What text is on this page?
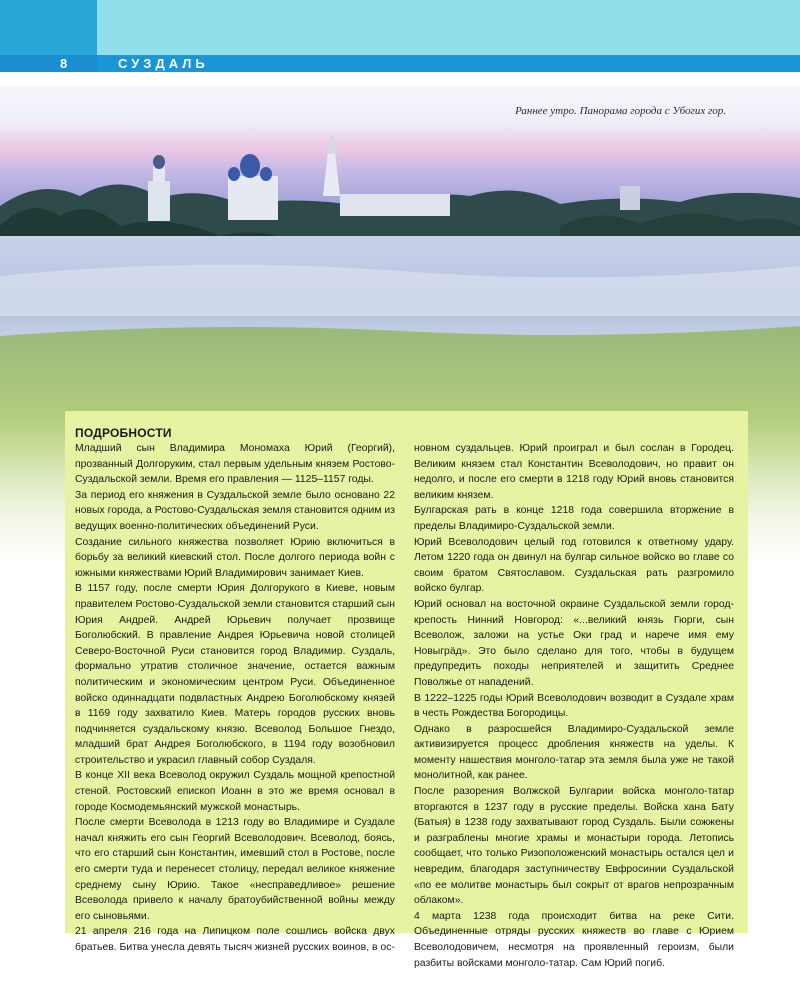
8	СУЗДАЛЬ
Раннее утро. Панорама города с Убогих гор.
ПОДРОБНОСТИ

Младший сын Владимира Мономаха Юрий (Георгий), прозванный Долгоруким, стал первым удельным князем Ростово-Суздальской земли. Время его правления — 1125–1157 годы.

За период его княжения в Суздальской земле было основано 22 новых города, а Ростово-Суздальская земля становится одним из ведущих военно-политических объединений Руси.

Создание сильного княжества позволяет Юрию включиться в борьбу за великий киевский стол. После долгого периода войн с южными княжествами Юрий Владимирович занимает Киев.

В 1157 году, после смерти Юрия Долгорукого в Киеве, новым правителем Ростово-Суздальской земли становится старший сын Юрия Андрей. Андрей Юрьевич получает прозвище Боголюбский. В правление Андрея Юрьевича новой столицей Северо-Восточной Руси становится город Владимир. Суздаль, формально утратив столичное значение, остается важным политическим и экономическим центром Руси. Объединенное войско одиннадцати подвластных Андрею Боголюбскому князей в 1169 году захватило Киев. Матерь городов русских вновь подчиняется суздальскому князю. Всеволод Большое Гнездо, младший брат Андрея Боголюбского, в 1194 году возобновил строительство и украсил главный собор Суздаля.

В конце XII века Всеволод окружил Суздаль мощной крепостной стеной. Ростовский епископ Иоанн в это же время основал в городе Космодемьянский мужской монастырь.

После смерти Всеволода в 1213 году во Владимире и Суздале начал княжить его сын Георгий Всеволодович. Всеволод, боясь, что его старший сын Константин, имевший стол в Ростове, после его смерти туда и перенесет столицу, передал великое княжение среднему сыну Юрию. Такое «несправедливое» решение Всеволода привело к началу братоубийственной войны между его сыновьями.

21 апреля 216 года на Липицком поле сошлись войска двух братьев. Битва унесла девять тысяч жизней русских воинов, в ос-

новном суздальцев. Юрий проиграл и был сослан в Городец. Великим князем стал Константин Всеволодович, но правит он недолго, и после его смерти в 1218 году Юрий вновь становится великим князем.

Булгарская рать в конце 1218 года совершила вторжение в пределы Владимиро-Суздальской земли.

Юрий Всеволодович целый год готовился к ответному удару. Летом 1220 года он двинул на булгар сильное войско во главе со своим братом Святославом. Суздальская рать разгромило войско булгар.

Юрий основал на восточной окраине Суздальской земли город-крепость Нинний Новгород: «...великий князь Гюрги, сын Всеволож, заложи на устье Оки град и нарече имя ему Новыгрäд». Это было сделано для того, чтобы в будущем предупредить походы неприятелей и защитить Среднее Поволжье от нападений.

В 1222–1225 годы Юрий Всеволодович возводит в Суздале храм в честь Рождества Богородицы.

Однако в разросшейся Владимиро-Суздальской земле активизируется процесс дробления княжеств на уделы. К моменту нашествия монголо-татар эта земля была уже не такой монолитной, как ранее.

После разорения Волжской Булгарии войска монголо-татар вторгаются в 1237 году в русские пределы. Войска хана Бату (Батыя) в 1238 году захватывают город Суздаль. Были сожжены и разграблены многие храмы и монастыри города. Летопись сообщает, что только Ризоположенский монастырь остался цел и невредим, благодаря заступничеству Евфросинии Суздальской «по ее молитве монастырь был сокрыт от врагов непрозрачным облаком».

4 марта 1238 года происходит битва на реке Сити. Объединенные отряды русских княжеств во главе с Юрием Всеволодовичем, несмотря на проявленный героизм, были разбиты войсками монголо-татар. Сам Юрий погиб.
